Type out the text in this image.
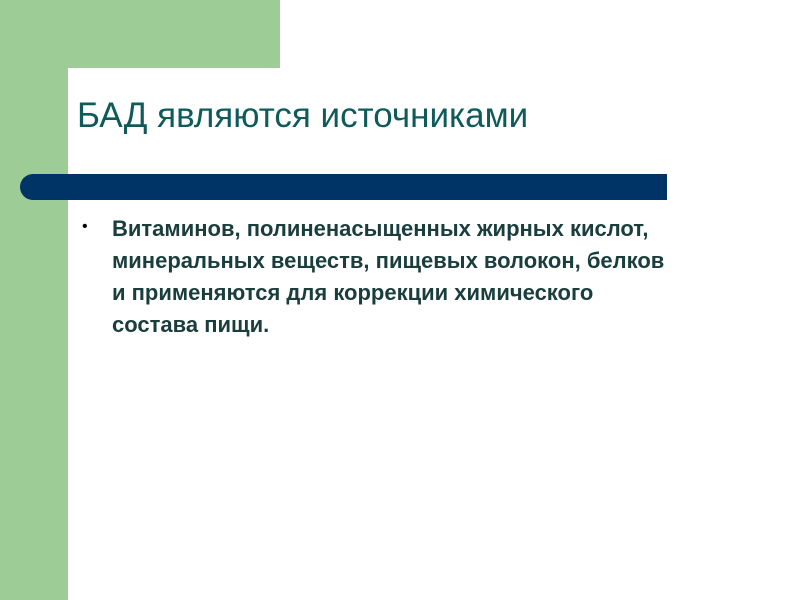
БАД являются источниками
• Витаминов, полиненасыщенных жирных кислот, минеральных веществ, пищевых волокон, белков и применяются для коррекции химического состава пищи.
